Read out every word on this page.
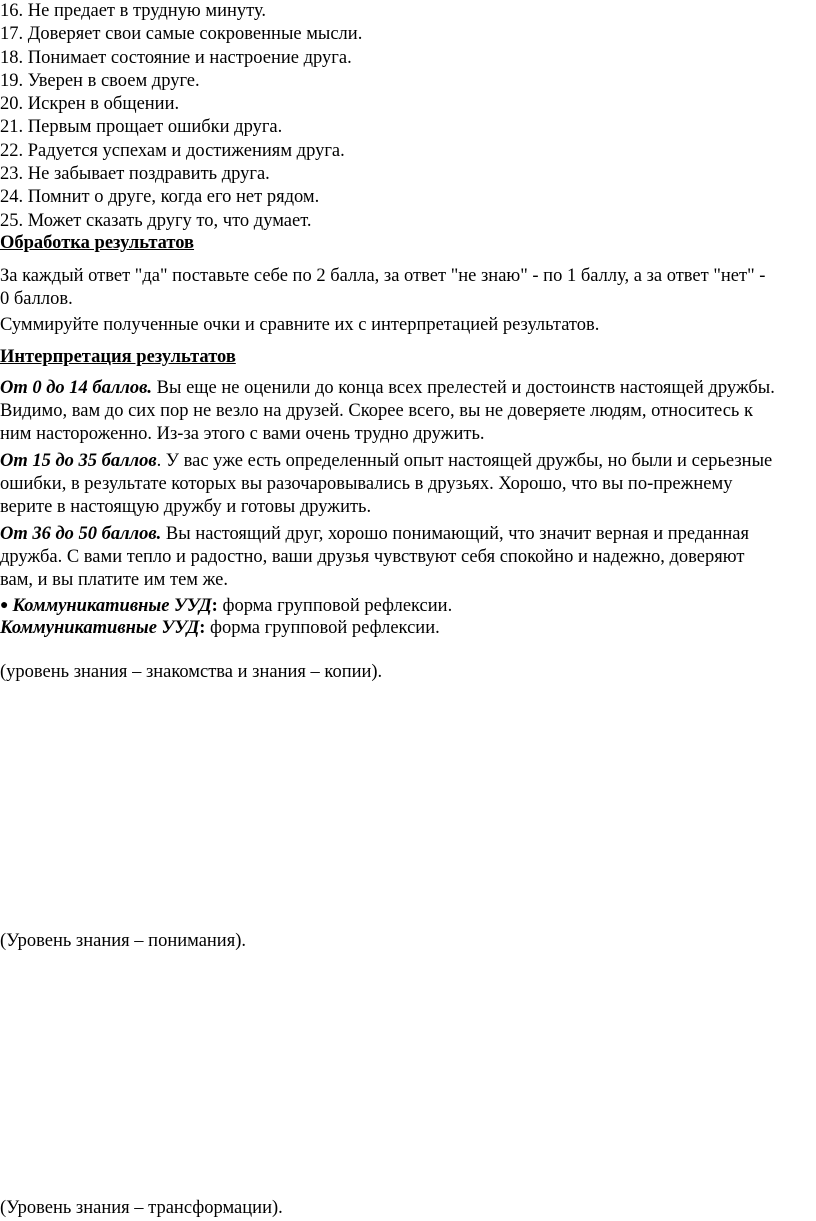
16. Не предает в трудную минуту.
17. Доверяет свои самые сокровенные мысли.
18. Понимает состояние и настроение друга.
19. Уверен в своем друге.
20. Искрен в общении.
21. Первым прощает ошибки друга.
22. Радуется успехам и достижениям друга.
23. Не забывает поздравить друга.
24. Помнит о друге, когда его нет рядом.
25. Может сказать другу то, что думает.
Обработка результатов
За каждый ответ "да" поставьте себе по 2 балла, за ответ "не знаю" - по 1 баллу, а за ответ "нет" -
0 баллов.
Суммируйте полученные очки и сравните их с интерпретацией результатов.
Интерпретация результатов
От 0 до 14 баллов. Вы еще не оценили до конца всех прелестей и достоинств настоящей дружбы.
Видимо, вам до сих пор не везло на друзей. Скорее всего, вы не доверяете людям, относитесь к
ним настороженно. Из-за этого с вами очень трудно дружить.
От 15 до 35 баллов. У вас уже есть определенный опыт настоящей дружбы, но были и серьезные
ошибки, в результате которых вы разочаровывались в друзьях. Хорошо, что вы по-прежнему
верите в настоящую дружбу и готовы дружить.
От 36 до 50 баллов. Вы настоящий друг, хорошо понимающий, что значит верная и преданная
дружба. С вами тепло и радостно, ваши друзья чувствуют себя спокойно и надежно, доверяют
вам, и вы платите им тем же.
● Коммуникативные УУД: форма групповой рефлексии.
Коммуникативные УУД: форма групповой рефлексии.
(уровень знания – знакомства и знания – копии).
(Уровень знания – понимания).
(Уровень знания – трансформации).
